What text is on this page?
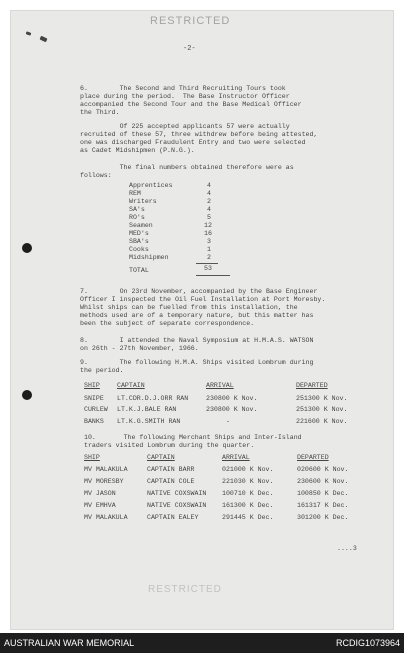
RESTRICTED
-2-
6.        The Second and Third Recruiting Tours took
place during the period.  The Base Instructor Officer
accompanied the Second Tour and the Base Medical Officer
the Third.
Of 225 accepted applicants 57 were actually
recruited of these 57, three withdrew before being attested,
one was discharged Fraudulent Entry and two were selected
as Cadet Midshipmen (P.N.G.).
The final numbers obtained therefore were as
follows:
Apprentices	4
REM	4
Writers	2
SA's	4
RO's	5
Seamen	12
MED's	16
SBA's	3
Cooks	1
Midshipmen	2
TOTAL	53
7.        On 23rd November, accompanied by the Base Engineer
Officer I inspected the Oil Fuel Installation at Port Moresby.
Whilst ships can be fuelled from this installation, the
methods used are of a temporary nature, but this matter has
been the subject of separate correspondence.
8.        I attended the Naval Symposium at H.M.A.S. WATSON
on 26th - 27th November, 1966.
9.        The following H.M.A. Ships visited Lombrum during
the period.
SHIP	CAPTAIN	ARRIVAL	DEPARTED
SNIPE LT.CDR.D.J.ORR RAN	230800 K Nov.	251300 K Nov.
CURLEW LT.K.J.BALE RAN	230800 K Nov.	251300 K Nov.
BANKS LT.K.G.SMITH RAN	-	221600 K Nov.
10.       The following Merchant Ships and Inter-Island
traders visited Lombrum during the quarter.
SHIP	CAPTAIN	ARRIVAL	DEPARTED
MV MALAKULA	CAPTAIN BARR	021000 K Nov.	020600 K Nov.
MV MORESBY	CAPTAIN COLE	221030 K Nov.	230600 K Nov.
MV JASON	NATIVE COXSWAIN 100710 K Dec.	100850 K Dec.
MV EMHVA	NATIVE COXSWAIN 161300 K Dec.	161317 K Dec.
MV MALAKULA	CAPTAIN EALEY	291445 K Dec.	301200 K Dec.
....3
RESTRICTED
AUSTRALIAN WAR MEMORIAL	RCDIG1073964
